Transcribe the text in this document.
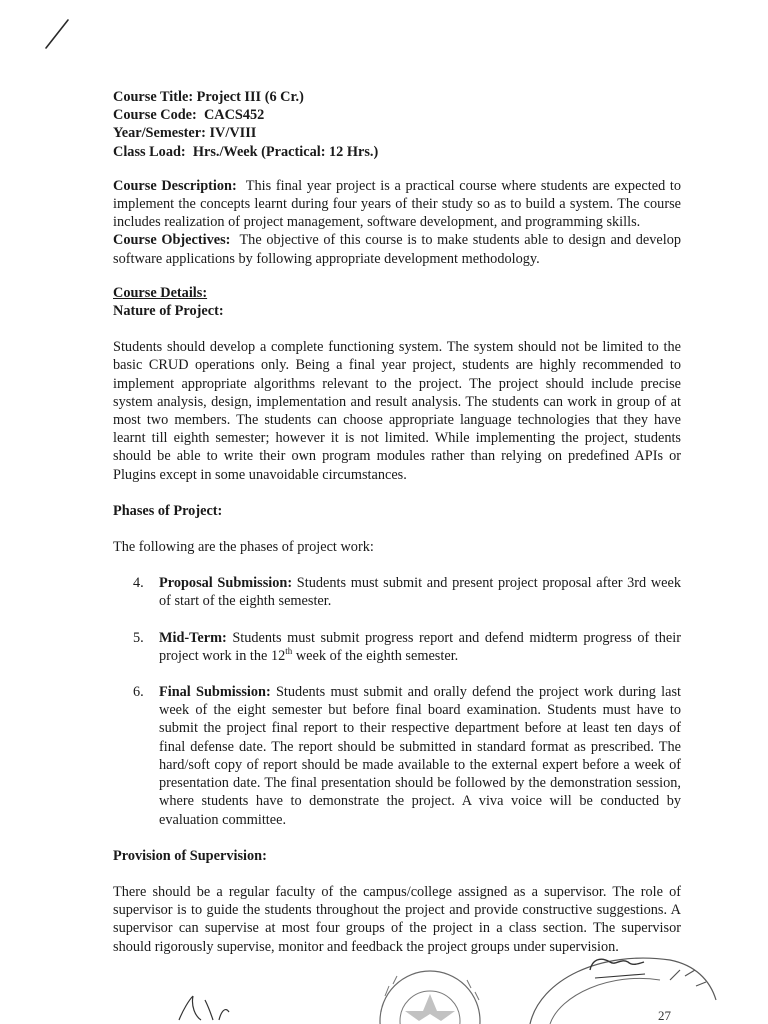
Course Title: Project III (6 Cr.)
Course Code: CACS452
Year/Semester: IV/VIII
Class Load: Hrs./Week (Practical: 12 Hrs.)

Course Description: This final year project is a practical course where students are expected to implement the concepts learnt during four years of their study so as to build a system. The course includes realization of project management, software development, and programming skills.

Course Objectives: The objective of this course is to make students able to design and develop software applications by following appropriate development methodology.

Course Details:
Nature of Project:

Students should develop a complete functioning system. The system should not be limited to the basic CRUD operations only. Being a final year project, students are highly recommended to implement appropriate algorithms relevant to the project. The project should include precise system analysis, design, implementation and result analysis. The students can work in group of at most two members. The students can choose appropriate language technologies that they have learnt till eighth semester; however it is not limited. While implementing the project, students should be able to write their own program modules rather than relying on predefined APIs or Plugins except in some unavoidable circumstances.

Phases of Project:

The following are the phases of project work:

4. Proposal Submission: Students must submit and present project proposal after 3rd week of start of the eighth semester.
5. Mid-Term: Students must submit progress report and defend midterm progress of their project work in the 12th week of the eighth semester.
6. Final Submission: Students must submit and orally defend the project work during last week of the eight semester but before final board examination. Students must have to submit the project final report to their respective department before at least ten days of final defense date. The report should be submitted in standard format as prescribed. The hard/soft copy of report should be made available to the external expert before a week of presentation date. The final presentation should be followed by the demonstration session, where students have to demonstrate the project. A viva voice will be conducted by evaluation committee.
Provision of Supervision:

There should be a regular faculty of the campus/college assigned as a supervisor. The role of supervisor is to guide the students throughout the project and provide constructive suggestions. A supervisor can supervise at most four groups of the project in a class section. The supervisor should rigorously supervise, monitor and feedback the project groups under supervision.

27
